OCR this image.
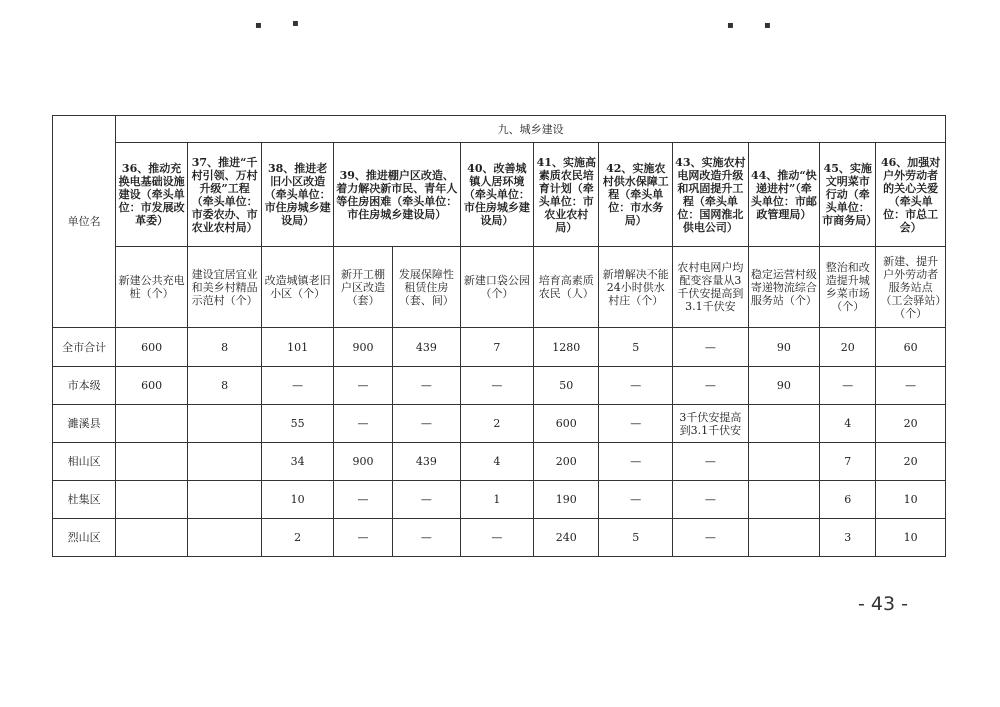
▪	▪	▪	▪
单位名	九、城乡建设											
	36、推动充换电基础设施建设（牵头单位：市发展改革委）	37、推进“千村引领、万村升级”工程（牵头单位：市委农办、市农业农村局）	38、推进老旧小区改造（牵头单位：市住房城乡建设局）	39、推进棚户区改造、着力解决新市民、青年人等住房困难（牵头单位：市住房城乡建设局）		40、改善城镇人居环境（牵头单位：市住房城乡建设局）	41、实施高素质农民培育计划（牵头单位：市农业农村局）	42、实施农村供水保障工程（牵头单位：市水务局）	43、实施农村电网改造升级和巩固提升工程（牵头单位：国网淮北供电公司）	44、推动“快递进村”（牵头单位：市邮政管理局）	45、实施文明菜市行动（牵头单位：市商务局）	46、加强对户外劳动者的关心关爱（牵头单位：市总工会）
	新建公共充电桩（个）	建设宜居宜业和美乡村精品示范村（个）	改造城镇老旧小区（个）	新开工棚户区改造（套）	发展保障性租赁住房（套、间）	新建口袋公园（个）	培育高素质农民（人）	新增解决不能24小时供水村庄（个）	农村电网户均配变容量从3千伏安提高到3.1千伏安	稳定运营村级寄递物流综合服务站（个）	整治和改造提升城乡菜市场（个）	新建、提升户外劳动者服务站点（工会驿站）（个）
全市合计	600	8	101	900	439	7	1280	5	—	90	20	60
市本级	600	8	—	—	—	—	50	—	—	90	—	—
濉溪县			55	—	—	2	600	—	3千伏安提高到3.1千伏安		4	20
相山区			34	900	439	4	200	—	—		7	20
杜集区			10	—	—	1	190	—	—		6	10
烈山区			2	—	—	—	240	5	—		3	10
- 43 -
